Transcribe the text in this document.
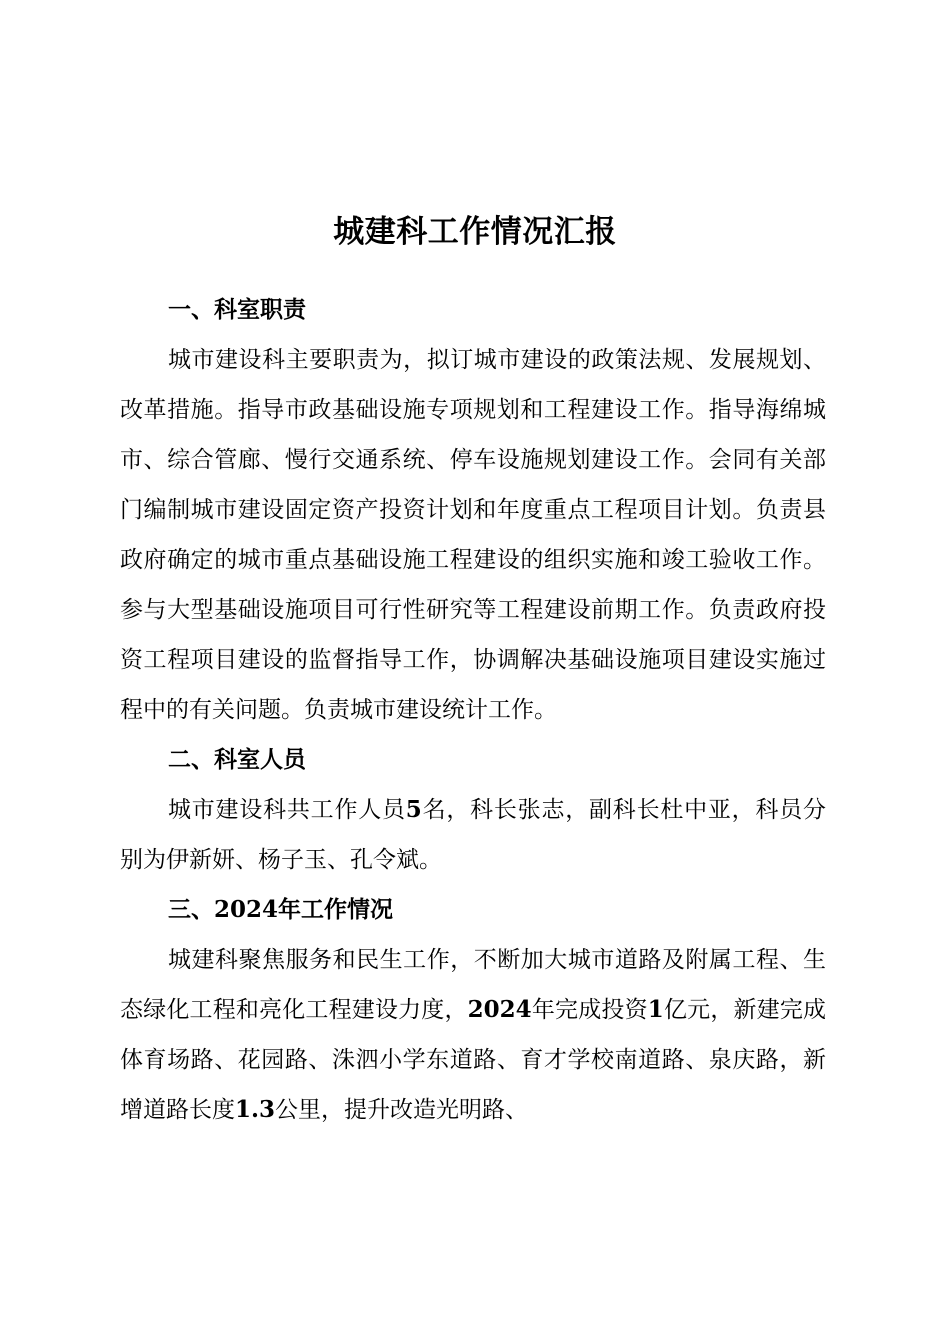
城建科工作情况汇报

一、科室职责

城市建设科主要职责为，拟订城市建设的政策法规、发展规划、改革措施。指导市政基础设施专项规划和工程建设工作。指导海绵城市、综合管廊、慢行交通系统、停车设施规划建设工作。会同有关部门编制城市建设固定资产投资计划和年度重点工程项目计划。负责县政府确定的城市重点基础设施工程建设的组织实施和竣工验收工作。参与大型基础设施项目可行性研究等工程建设前期工作。负责政府投资工程项目建设的监督指导工作，协调解决基础设施项目建设实施过程中的有关问题。负责城市建设统计工作。

二、科室人员

城市建设科共工作人员5名，科长张志，副科长杜中亚，科员分别为伊新妍、杨子玉、孔令斌。

三、2024年工作情况

城建科聚焦服务和民生工作，不断加大城市道路及附属工程、生态绿化工程和亮化工程建设力度，2024年完成投资1亿元，新建完成体育场路、花园路、洙泗小学东道路、育才学校南道路、泉庆路，新增道路长度1.3公里，提升改造光明路、
